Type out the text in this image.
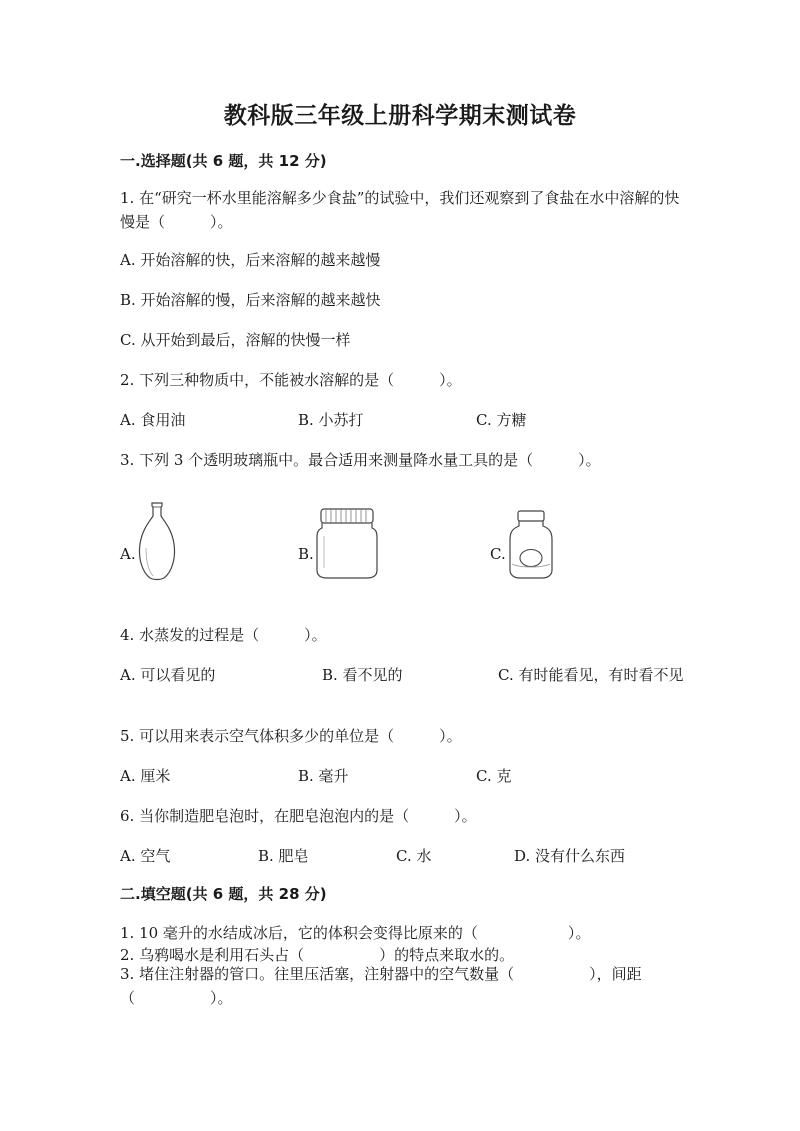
教科版三年级上册科学期末测试卷
一.选择题(共 6 题，共 12 分)
1. 在“研究一杯水里能溶解多少食盐”的试验中，我们还观察到了食盐在水中溶解的快慢是（　　　）。
A. 开始溶解的快，后来溶解的越来越慢
B. 开始溶解的慢，后来溶解的越来越快
C. 从开始到最后，溶解的快慢一样
2. 下列三种物质中，不能被水溶解的是（　　　）。
A. 食用油	B. 小苏打	C. 方糖
3. 下列 3 个透明玻璃瓶中。最合适用来测量降水量工具的是（　　　）。
A.	B.	C.
4. 水蒸发的过程是（　　　）。
A. 可以看见的	B. 看不见的	C. 有时能看见，有时看不见
5. 可以用来表示空气体积多少的单位是（　　　）。
A. 厘米	B. 毫升	C. 克
6. 当你制造肥皂泡时，在肥皂泡泡内的是（　　　）。
A. 空气	B. 肥皂	C. 水	D. 没有什么东西
二.填空题(共 6 题，共 28 分)
1. 10 毫升的水结成冰后，它的体积会变得比原来的（　　　　　　）。
2. 乌鸦喝水是利用石头占（　　　　　）的特点来取水的。
3. 堵住注射器的管口。往里压活塞，注射器中的空气数量（　　　　　），间距（　　　　　）。
